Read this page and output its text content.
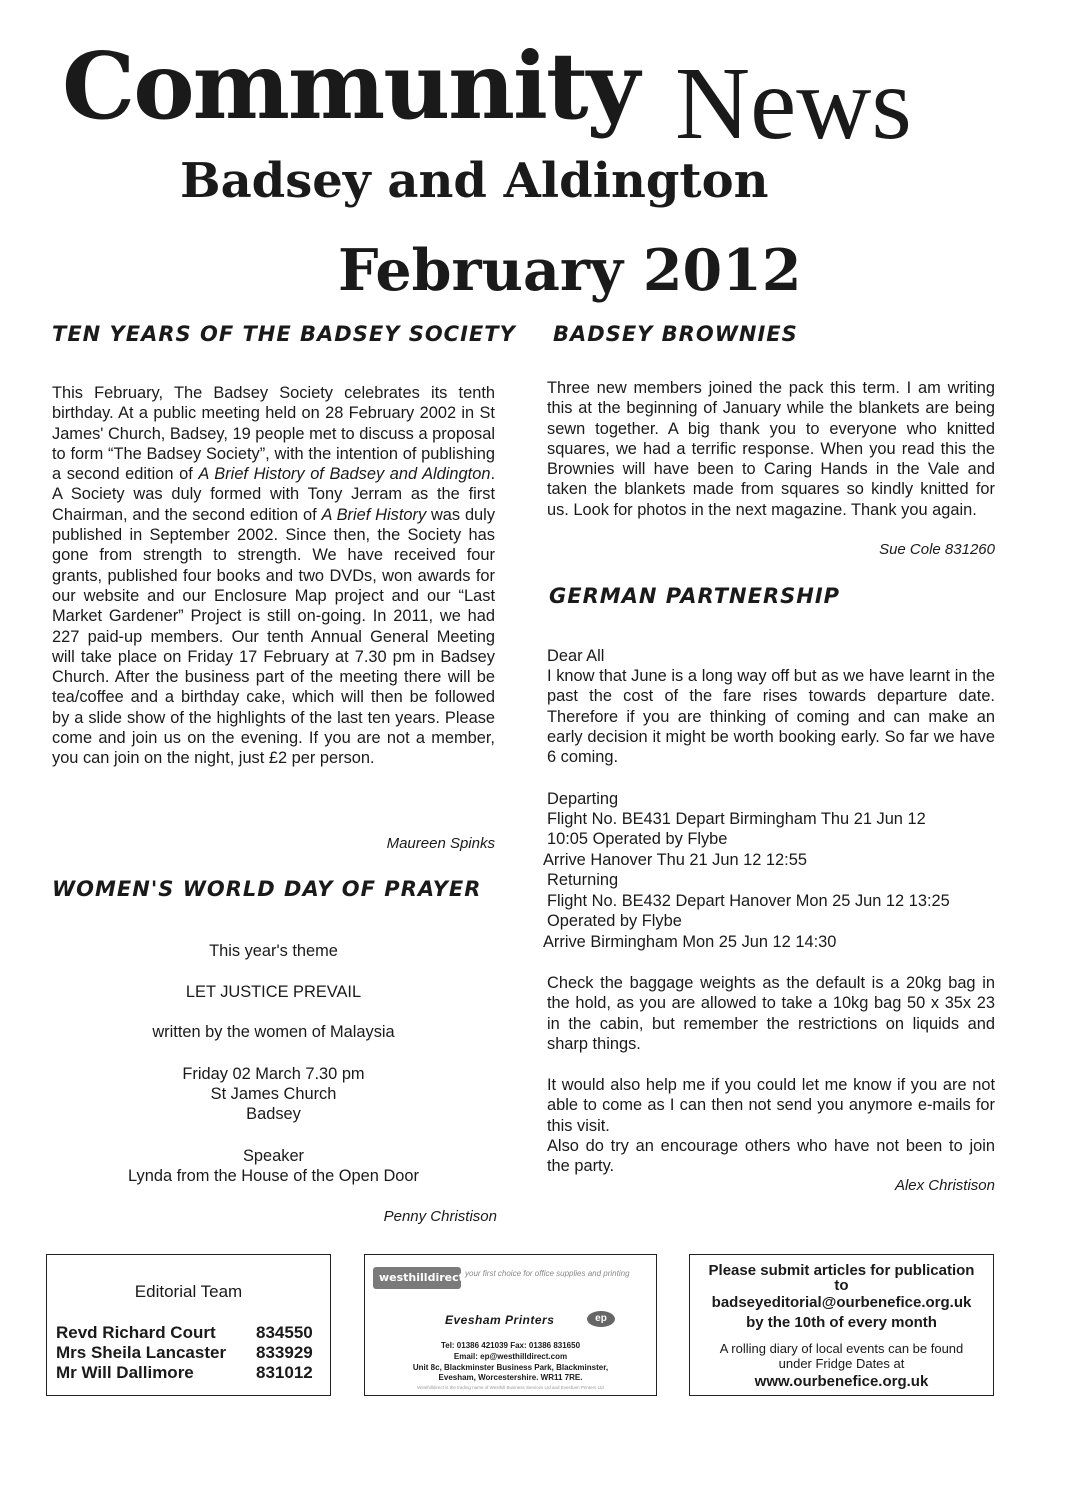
Community News
Badsey and Aldington
February 2012
TEN YEARS OF THE BADSEY SOCIETY

This February, The Badsey Society celebrates its tenth birthday. At a public meeting held on 28 February 2002 in St James' Church, Badsey, 19 people met to discuss a proposal to form “The Badsey Society”, with the intention of publishing a second edition of A Brief History of Badsey and Aldington. A Society was duly formed with Tony Jerram as the first Chairman, and the second edition of A Brief History was duly published in September 2002. Since then, the Society has gone from strength to strength. We have received four grants, published four books and two DVDs, won awards for our website and our Enclosure Map project and our “Last Market Gardener” Project is still on-going. In 2011, we had 227 paid-up members. Our tenth Annual General Meeting will take place on Friday 17 February at 7.30 pm in Badsey Church. After the business part of the meeting there will be tea/coffee and a birthday cake, which will then be followed by a slide show of the highlights of the last ten years. Please come and join us on the evening. If you are not a member, you can join on the night, just £2 per person.

Maureen Spinks
WOMEN'S WORLD DAY OF PRAYER
This year's theme
LET JUSTICE PREVAIL
written by the women of Malaysia
Friday 02 March 7.30 pm
St James Church
Badsey
Speaker
Lynda from the House of the Open Door
Penny Christison
BADSEY BROWNIES

Three new members joined the pack this term. I am writing this at the beginning of January while the blankets are being sewn together. A big thank you to everyone who knitted squares, we had a terrific response. When you read this the Brownies will have been to Caring Hands in the Vale and taken the blankets made from squares so kindly knitted for us. Look for photos in the next magazine. Thank you again.

Sue Cole 831260
GERMAN PARTNERSHIP
Dear All

I know that June is a long way off but as we have learnt in the past the cost of the fare rises towards departure date. Therefore if you are thinking of coming and can make an early decision it might be worth booking early. So far we have 6 coming.

Departing
Flight No. BE431 Depart Birmingham Thu 21 Jun 12
10:05 Operated by Flybe
Arrive Hanover Thu 21 Jun 12 12:55
Returning
Flight No. BE432 Depart Hanover Mon 25 Jun 12 13:25
Operated by Flybe
Arrive Birmingham Mon 25 Jun 12 14:30

Check the baggage weights as the default is a 20kg bag in the hold, as you are allowed to take a 10kg bag 50 x 35x 23 in the cabin, but remember the restrictions on liquids and sharp things.

It would also help me if you could let me know if you are not able to come as I can then not send you anymore e-mails for this visit.

Also do try an encourage others who have not been to join the party.

Alex Christison
Editorial Team
Revd Richard Court 834550
Mrs Sheila Lancaster 833929
Mr Will Dallimore	831012
westhilldirect your first choice for office supplies and printing
Evesham Printers	ep
Tel: 01386 421039 Fax: 01386 831650
Email: ep@westhilldirect.com
Unit 8c, Blackminster Business Park, Blackminster,
Evesham, Worcestershire. WR11 7RE.
Westhilldirect is the trading name of Westhill Business Services Ltd and Evesham Printers Ltd
Please submit articles for publication
to
badseyeditorial@ourbenefice.org.uk
by the 10th of every month
A rolling diary of local events can be found
under Fridge Dates at
www.ourbenefice.org.uk
